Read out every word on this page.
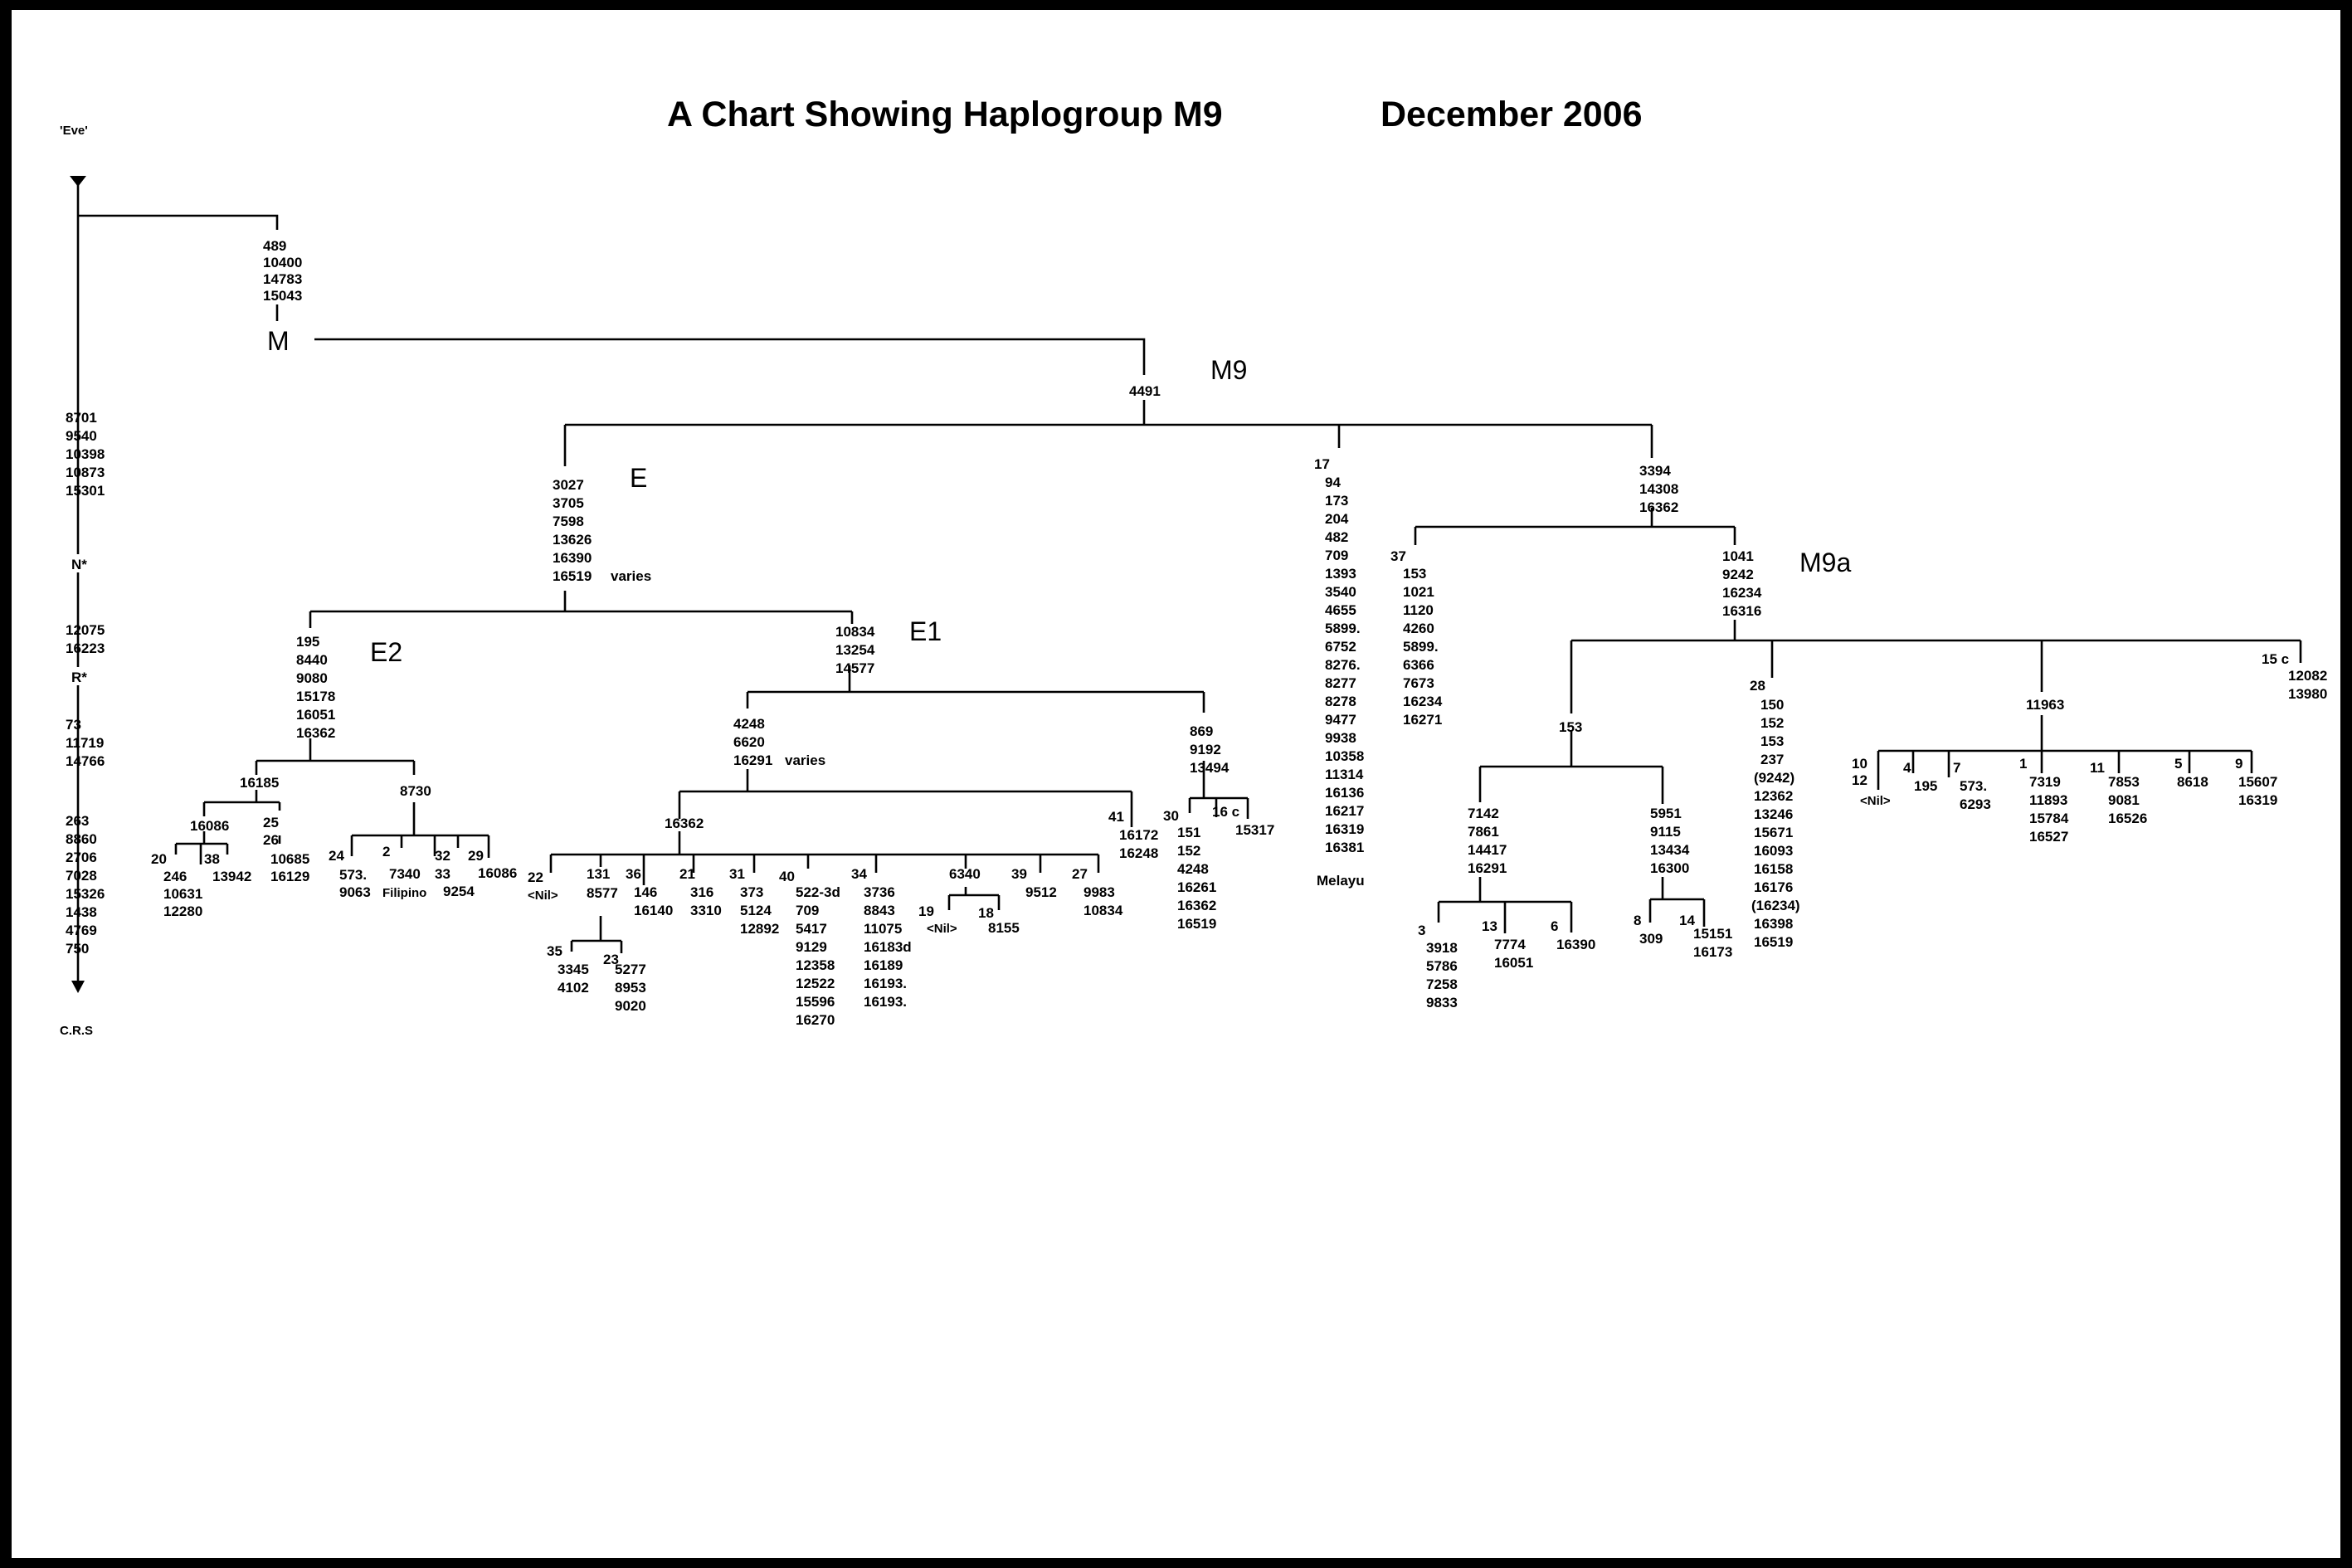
A Chart Showing Haplogroup M9	December 2006
'Eve'
C.R.S
8701 9540 10398 10873 15301
N*
12075 16223
R*
73 11719 14766
263 8860 2706 7028 15326 1438 4769 750
489 10400 14783 15043
M
M9
4491
E
3027 3705 7598 13626 16390 16519 varies
E2
195 8440 9080 15178 16051 16362
16185
16086
20
246 10631 12280
38
13942
25
26
10685 16129
8730
24
573. 9063
2
7340
Filipino
32
33
9254
29
16086
E1
10834 13254 14577
4248 6620 16291 varies
16362
22
<Nil>
131
8577
35
3345 4102
23
5277 8953 9020
36
146 16140
21
316 3310
31
373 5124 12892
40
522-3d 709 5417 9129 12358 12522 15596 16270
34
3736 8843 11075 16183d 16189 16193. 16193.
6340
19
<Nil>
18
8155
39
9512
27
9983 10834
41
16172 16248
869 9192 13494
30
151 152 4248 16261 16362 16519
16 c
15317
17
94 173 204 482 709 1393 3540 4655 5899. 6752 8276. 8277 8278 9477 9938 10358 11314 16136 16217 16319 16381
Melayu
3394 14308 16362
37
153 1021 1120 4260 5899. 6366 7673 16234 16271
M9a
1041 9242 16234 16316
153
7142 7861 14417 16291
3
3918 5786 7258 9833
13
7774 16051
6
16390
5951 9115 13434 16300
8
309
14
15151 16173
28
150 152 153 237 (9242) 12362 13246 15671 16093 16158 16176 (16234) 16398 16519
11963
10
12
<Nil>
4
195
7
573. 6293
1
7319 11893 15784 16527
11
7853 9081 16526
5
8618
9
15607 16319
15 c
12082 13980
